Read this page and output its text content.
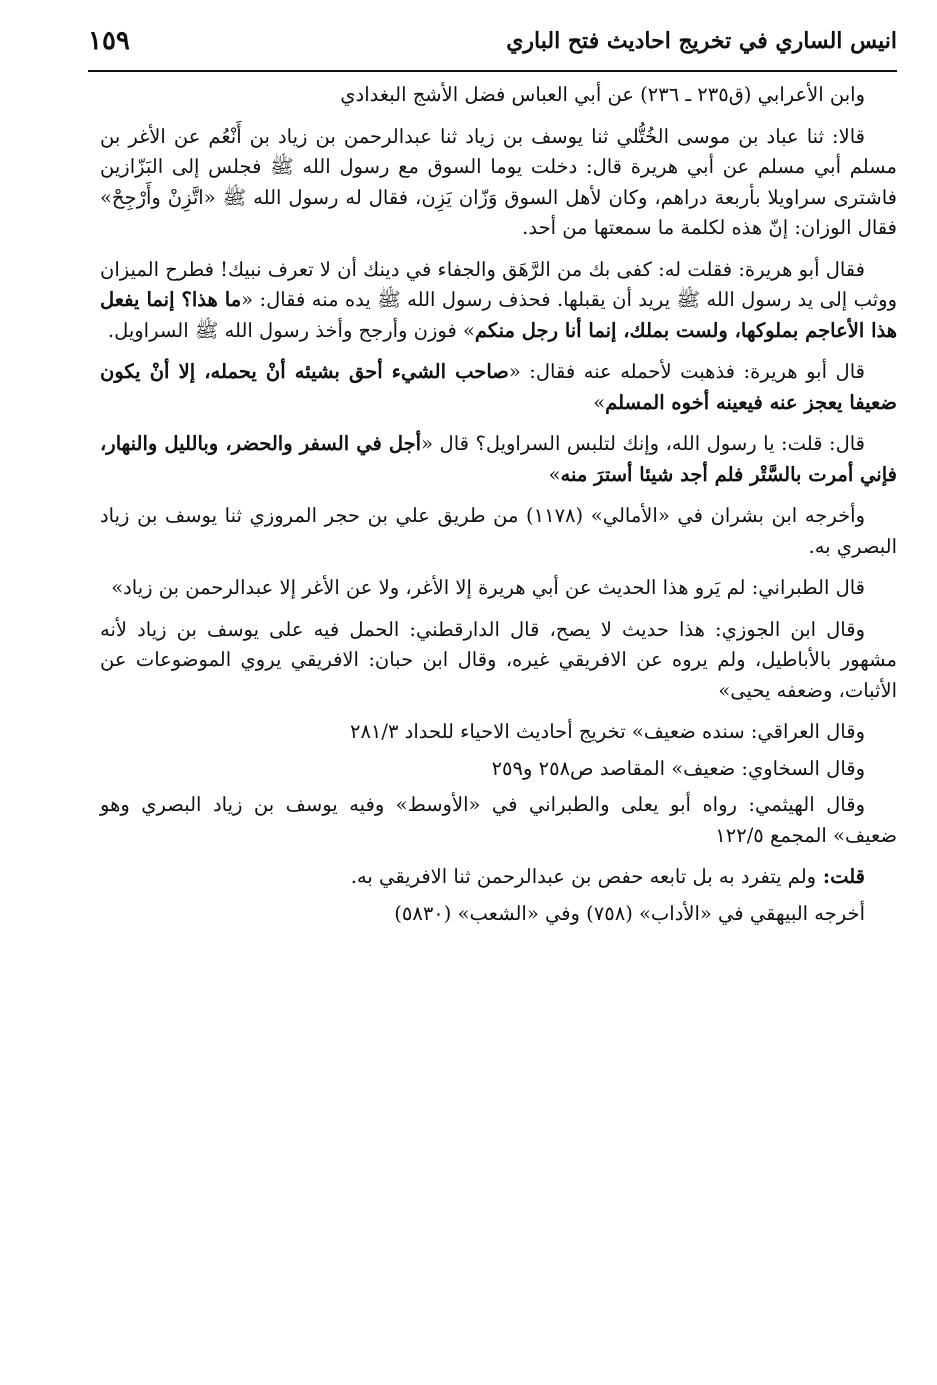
انيس الساري في تخريج احاديث فتح الباري
١٥٩

وابن الأعرابي (ق٢٣٥ ـ ٢٣٦) عن أبي العباس فضل الأشج البغدادي

قالا: ثنا عباد بن موسى الخُتُّلي ثنا يوسف بن زياد ثنا عبدالرحمن بن زياد بن أَنْعُم عن الأغر بن مسلم أبي مسلم عن أبي هريرة قال: دخلت يوما السوق مع رسول الله ﷺ فجلس إلى البَزّازين فاشترى سراويلا بأربعة دراهم، وكان لأهل السوق وَزّان يَزِن، فقال له رسول الله ﷺ «اتَّزِنْ وأَرْجِحْ» فقال الوزان: إنّ هذه لكلمة ما سمعتها من أحد.

فقال أبو هريرة: فقلت له: كفى بك من الرَّهَق والجفاء في دينك أن لا تعرف نبيك! فطرح الميزان ووثب إلى يد رسول الله ﷺ يريد أن يقبلها. فحذف رسول الله ﷺ يده منه فقال: «ما هذا؟ إنما يفعل هذا الأعاجم بملوكها، ولست بملك، إنما أنا رجل منكم» فوزن وأرجح وأخذ رسول الله ﷺ السراويل.

قال أبو هريرة: فذهبت لأحمله عنه فقال: «صاحب الشيء أحق بشيئه أنْ يحمله، إلا أنْ يكون ضعيفا يعجز عنه فيعينه أخوه المسلم»

قال: قلت: يا رسول الله، وإنك لتلبس السراويل؟ قال «أجل في السفر والحضر، وبالليل والنهار، فإني أمرت بالسَّتْر فلم أجد شيئا أسترَ منه»

وأخرجه ابن بشران في «الأمالي» (١١٧٨) من طريق علي بن حجر المروزي ثنا يوسف بن زياد البصري به.

قال الطبراني: لم يَرو هذا الحديث عن أبي هريرة إلا الأغر، ولا عن الأغر إلا عبدالرحمن بن زياد»

وقال ابن الجوزي: هذا حديث لا يصح، قال الدارقطني: الحمل فيه على يوسف بن زياد لأنه مشهور بالأباطيل، ولم يروه عن الافريقي غيره، وقال ابن حبان: الافريقي يروي الموضوعات عن الأثبات، وضعفه يحيى»

وقال العراقي: سنده ضعيف» تخريج أحاديث الاحياء للحداد ٢٨١/٣

وقال السخاوي: ضعيف» المقاصد ص٢٥٨ و٢٥٩

وقال الهيثمي: رواه أبو يعلى والطبراني في «الأوسط» وفيه يوسف بن زياد البصري وهو ضعيف» المجمع ١٢٢/٥

قلت: ولم يتفرد به بل تابعه حفص بن عبدالرحمن ثنا الافريقي به.

أخرجه البيهقي في «الأداب» (٧٥٨) وفي «الشعب» (٥٨٣٠)
